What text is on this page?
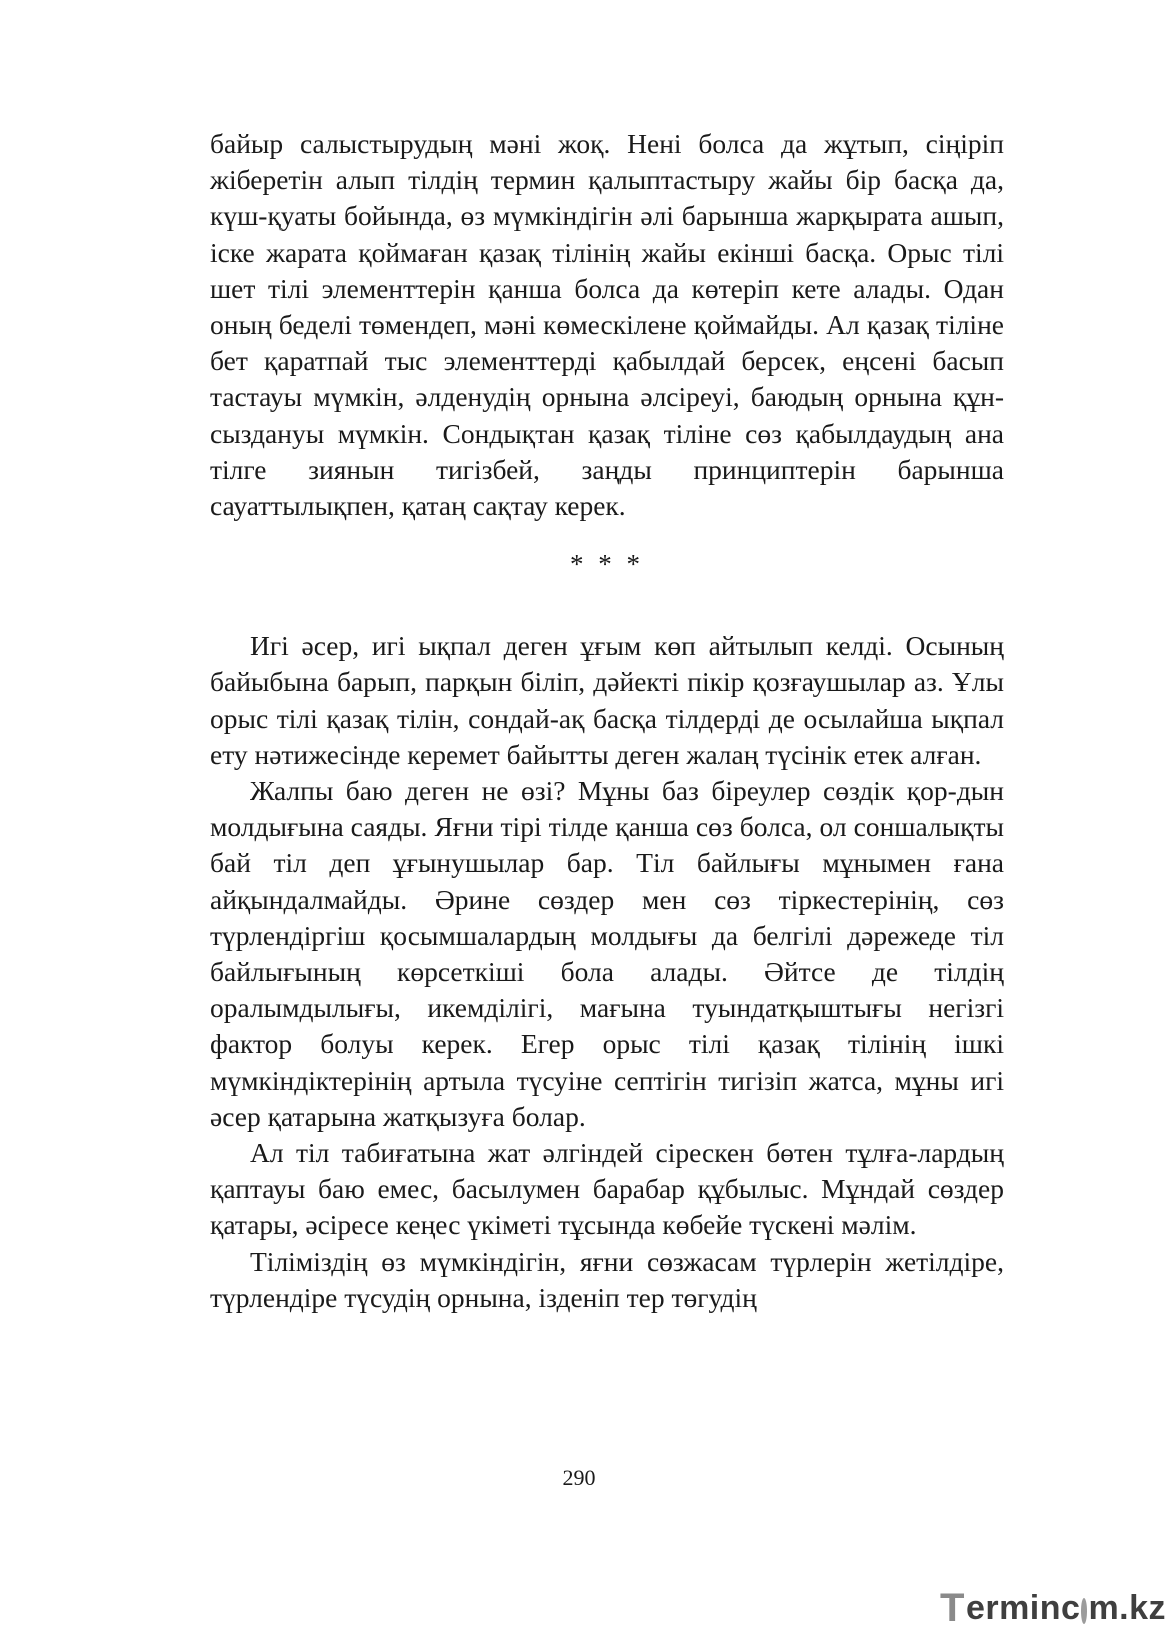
байыр салыстырудың мәні жоқ. Нені болса да жұтып, сіңіріп жіберетін алып тілдің термин қалыптастыру жайы бір басқа да, күш-қуаты бойында, өз мүмкіндігін әлі барынша жарқырата ашып, іске жарата қоймаған қазақ тілінің жайы екінші басқа. Орыс тілі шет тілі элементтерін қанша болса да көтеріп кете алады. Одан оның беделі төмендеп, мәні көмескілене қоймайды. Ал қазақ тіліне бет қаратпай тыс элементтерді қабылдай берсек, еңсені басып тастауы мүмкін, әлденудің орнына әлсіреуі, баюдың орнына құн-сыздануы мүмкін. Сондықтан қазақ тіліне сөз қабылдаудың ана тілге зиянын тигізбей, заңды принциптерін барынша сауаттылықпен, қатаң сақтау керек.

* * *

Игі әсер, игі ықпал деген ұғым көп айтылып келді. Осының байыбына барып, парқын біліп, дәйекті пікір қозғаушылар аз. Ұлы орыс тілі қазақ тілін, сондай-ақ басқа тілдерді де осылайша ықпал ету нәтижесінде керемет байытты деген жалаң түсінік етек алған.

Жалпы баю деген не өзі? Мұны баз біреулер сөздік қор-дын молдығына саяды. Яғни тірі тілде қанша сөз болса, ол соншалықты бай тіл деп ұғынушылар бар. Тіл байлығы мұнымен ғана айқындалмайды. Әрине сөздер мен сөз тіркестерінің, сөз түрлендіргіш қосымшалардың молдығы да белгілі дәрежеде тіл байлығының көрсеткіші бола алады. Әйтсе де тілдің оралымдылығы, икемділігі, мағына туындатқыштығы негізгі фактор болуы керек. Егер орыс тілі қазақ тілінің ішкі мүмкіндіктерінің артыла түсуіне септігін тигізіп жатса, мұны игі әсер қатарына жатқызуға болар.

Ал тіл табиғатына жат әлгіндей сірескен бөтен тұлға-лардың қаптауы баю емес, басылумен барабар құбылыс. Мұндай сөздер қатары, әсіресе кеңес үкіметі тұсында көбейе түскені мәлім.

Тіліміздің өз мүмкіндігін, яғни сөзжасам түрлерін жетілдіре, түрлендіре түсудің орнына, ізденіп тер төгудің

290
T erminc m.kz
